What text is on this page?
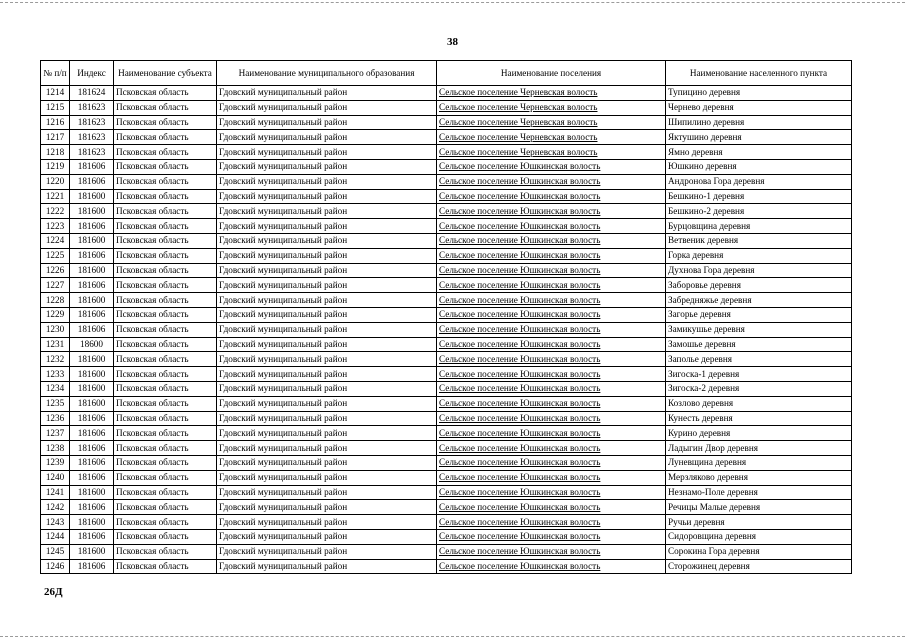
38
№ п/п	Индекс	Наименование субъекта	Наименование муниципального образования	Наименование поселения	Наименование населенного пункта
1214	181624	Псковская область	Гдовский муниципальный район	Сельское поселение Черневская волость	Тупицино деревня
1215	181623	Псковская область	Гдовский муниципальный район	Сельское поселение Черневская волость	Чернево деревня
1216	181623	Псковская область	Гдовский муниципальный район	Сельское поселение Черневская волость	Шипилино деревня
1217	181623	Псковская область	Гдовский муниципальный район	Сельское поселение Черневская волость	Яктушино деревня
1218	181623	Псковская область	Гдовский муниципальный район	Сельское поселение Черневская волость	Ямно деревня
1219	181606	Псковская область	Гдовский муниципальный район	Сельское поселение Юшкинская волость	Юшкино деревня
1220	181606	Псковская область	Гдовский муниципальный район	Сельское поселение Юшкинская волость	Андронова Гора деревня
1221	181600	Псковская область	Гдовский муниципальный район	Сельское поселение Юшкинская волость	Бешкино-1 деревня
1222	181600	Псковская область	Гдовский муниципальный район	Сельское поселение Юшкинская волость	Бешкино-2 деревня
1223	181606	Псковская область	Гдовский муниципальный район	Сельское поселение Юшкинская волость	Бурцовщина деревня
1224	181600	Псковская область	Гдовский муниципальный район	Сельское поселение Юшкинская волость	Ветвеник деревня
1225	181606	Псковская область	Гдовский муниципальный район	Сельское поселение Юшкинская волость	Горка деревня
1226	181600	Псковская область	Гдовский муниципальный район	Сельское поселение Юшкинская волость	Духнова Гора деревня
1227	181606	Псковская область	Гдовский муниципальный район	Сельское поселение Юшкинская волость	Заборовье деревня
1228	181600	Псковская область	Гдовский муниципальный район	Сельское поселение Юшкинская волость	Забредняжье деревня
1229	181606	Псковская область	Гдовский муниципальный район	Сельское поселение Юшкинская волость	Загорье деревня
1230	181606	Псковская область	Гдовский муниципальный район	Сельское поселение Юшкинская волость	Замикушье деревня
1231	18600	Псковская область	Гдовский муниципальный район	Сельское поселение Юшкинская волость	Замошье деревня
1232	181600	Псковская область	Гдовский муниципальный район	Сельское поселение Юшкинская волость	Заполье деревня
1233	181600	Псковская область	Гдовский муниципальный район	Сельское поселение Юшкинская волость	Зигоска-1 деревня
1234	181600	Псковская область	Гдовский муниципальный район	Сельское поселение Юшкинская волость	Зигоска-2 деревня
1235	181600	Псковская область	Гдовский муниципальный район	Сельское поселение Юшкинская волость	Козлово деревня
1236	181606	Псковская область	Гдовский муниципальный район	Сельское поселение Юшкинская волость	Кунесть деревня
1237	181606	Псковская область	Гдовский муниципальный район	Сельское поселение Юшкинская волость	Курино деревня
1238	181606	Псковская область	Гдовский муниципальный район	Сельское поселение Юшкинская волость	Ладыгин Двор деревня
1239	181606	Псковская область	Гдовский муниципальный район	Сельское поселение Юшкинская волость	Луневщина деревня
1240	181606	Псковская область	Гдовский муниципальный район	Сельское поселение Юшкинская волость	Мерзляково деревня
1241	181600	Псковская область	Гдовский муниципальный район	Сельское поселение Юшкинская волость	Незнамо-Поле деревня
1242	181606	Псковская область	Гдовский муниципальный район	Сельское поселение Юшкинская волость	Речицы Малые деревня
1243	181600	Псковская область	Гдовский муниципальный район	Сельское поселение Юшкинская волость	Ручьи деревня
1244	181606	Псковская область	Гдовский муниципальный район	Сельское поселение Юшкинская волость	Сидоровщина деревня
1245	181600	Псковская область	Гдовский муниципальный район	Сельское поселение Юшкинская волость	Сорокина Гора деревня
1246	181606	Псковская область	Гдовский муниципальный район	Сельское поселение Юшкинская волость	Сторожинец деревня
26Д
